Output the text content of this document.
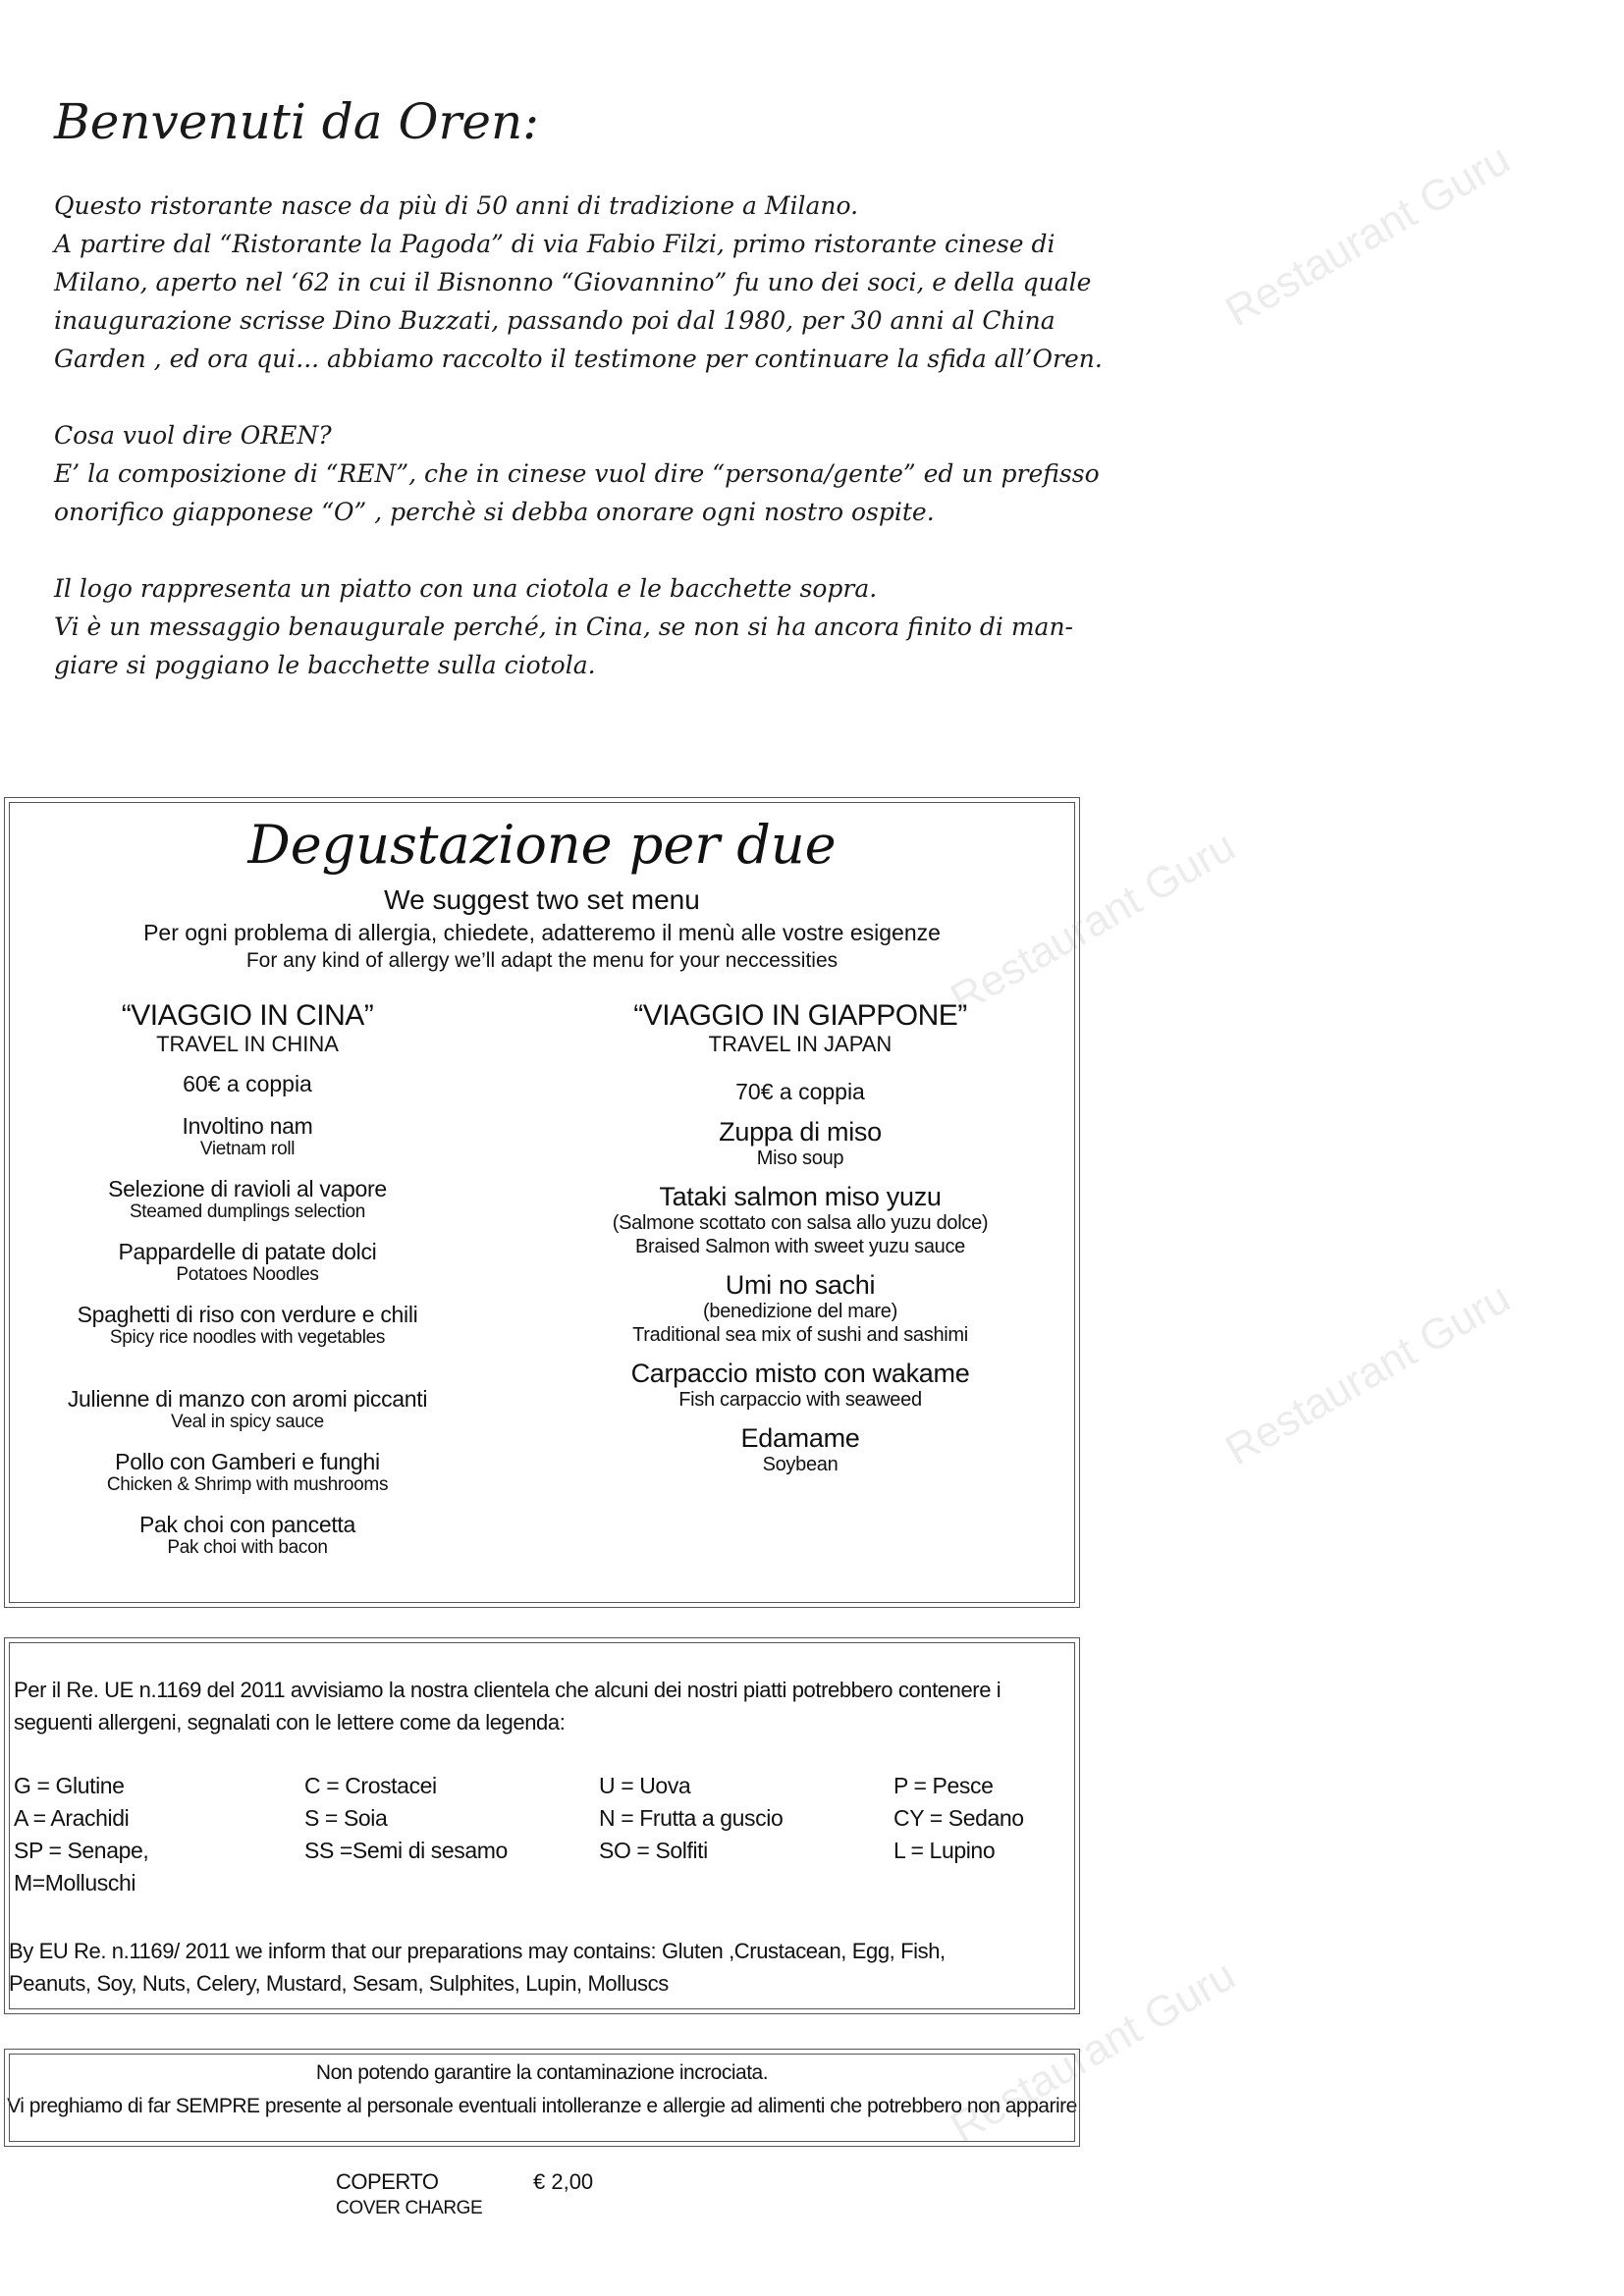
Restaurant Guru
Restaurant Guru
Restaurant Guru
Restaurant Guru
Benvenuti da Oren:
Questo ristorante nasce da più di 50 anni di tradizione a Milano.
A partire dal “Ristorante la Pagoda” di via Fabio Filzi, primo ristorante cinese di
Milano, aperto nel ‘62 in cui il Bisnonno “Giovannino” fu uno dei soci, e della quale
inaugurazione scrisse Dino Buzzati, passando poi dal 1980, per 30 anni al China
Garden , ed ora qui... abbiamo raccolto il testimone per continuare la sfida all’Oren.
Cosa vuol dire OREN?
E’ la composizione di “REN”, che in cinese vuol dire “persona/gente” ed un prefisso
onorifico giapponese “O” , perchè si debba onorare ogni nostro ospite.
Il logo rappresenta un piatto con una ciotola e le bacchette sopra.
Vi è un messaggio benaugurale perché, in Cina, se non si ha ancora finito di man-
giare si poggiano le bacchette sulla ciotola.
Degustazione per due
We suggest two set menu
Per ogni problema di allergia, chiedete, adatteremo il menù alle vostre esigenze
For any kind of allergy we’ll adapt the menu for your neccessities
“VIAGGIO IN CINA”
TRAVEL IN CHINA
60€ a coppia
Involtino nam
Vietnam roll
Selezione di ravioli al vapore
Steamed dumplings selection
Pappardelle di patate dolci
Potatoes Noodles
Spaghetti di riso con verdure e chili
Spicy rice noodles with vegetables
Julienne di manzo con aromi piccanti
Veal in spicy sauce
Pollo con Gamberi e funghi
Chicken & Shrimp with mushrooms
Pak choi con pancetta
Pak choi with bacon
“VIAGGIO IN GIAPPONE”
TRAVEL IN JAPAN
70€ a coppia
Zuppa di miso
Miso soup
Tataki salmon miso yuzu
(Salmone scottato con salsa allo yuzu dolce)
Braised Salmon with sweet yuzu sauce
Umi no sachi
(benedizione del mare)
Traditional sea mix of sushi and sashimi
Carpaccio misto con wakame
Fish carpaccio with seaweed
Edamame
Soybean
Per il Re. UE n.1169 del 2011 avvisiamo la nostra clientela che alcuni dei nostri piatti potrebbero contenere i
seguenti allergeni, segnalati con le lettere come da legenda:
G = Glutine	C = Crostacei	U = Uova	P = Pesce
A = Arachidi	S = Soia	N = Frutta a guscio	CY = Sedano
SP = Senape,	SS =Semi di sesamo	SO = Solfiti	L = Lupino
M=Molluschi
By EU Re. n.1169/ 2011 we inform that our preparations may contains: Gluten ,Crustacean, Egg, Fish,
Peanuts, Soy, Nuts, Celery, Mustard, Sesam, Sulphites, Lupin, Molluscs
Non potendo garantire la contaminazione incrociata.
Vi preghiamo di far SEMPRE presente al personale eventuali intolleranze e allergie ad alimenti che potrebbero non apparire
COPERTO	€ 2,00
COVER CHARGE
